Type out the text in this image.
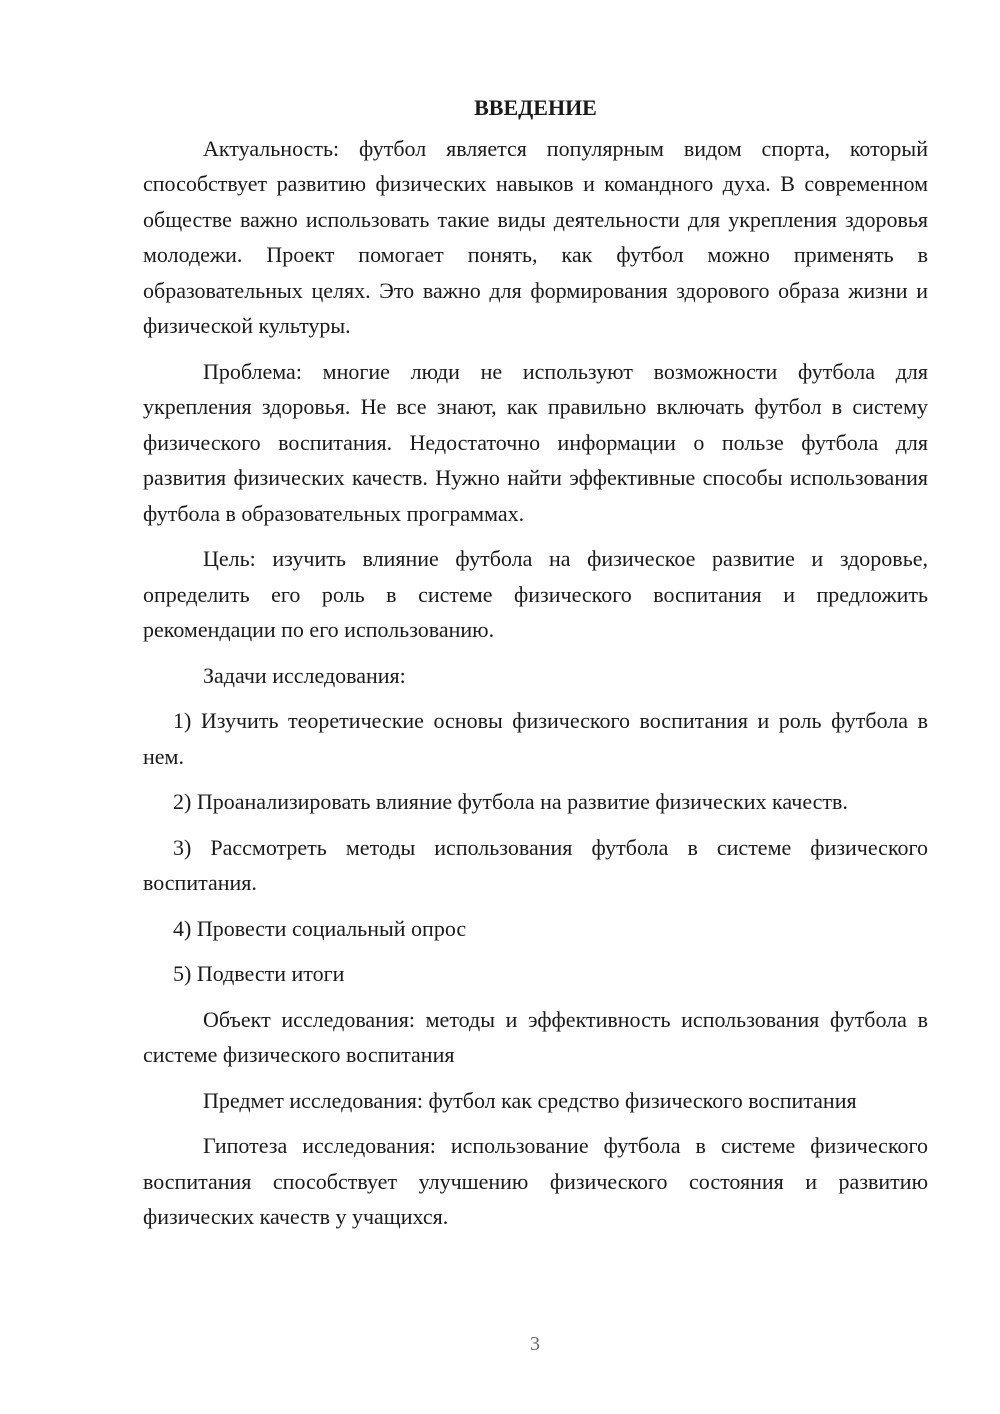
ВВЕДЕНИЕ

Актуальность: футбол является популярным видом спорта, который способствует развитию физических навыков и командного духа. В современном обществе важно использовать такие виды деятельности для укрепления здоровья молодежи. Проект помогает понять, как футбол можно применять в образовательных целях. Это важно для формирования здорового образа жизни и физической культуры.

Проблема: многие люди не используют возможности футбола для укрепления здоровья. Не все знают, как правильно включать футбол в систему физического воспитания. Недостаточно информации о пользе футбола для развития физических качеств. Нужно найти эффективные способы использования футбола в образовательных программах.

Цель: изучить влияние футбола на физическое развитие и здоровье, определить его роль в системе физического воспитания и предложить рекомендации по его использованию.

Задачи исследования:

1) Изучить теоретические основы физического воспитания и роль футбола в нем.

2) Проанализировать влияние футбола на развитие физических качеств.

3) Рассмотреть методы использования футбола в системе физического воспитания.

4) Провести социальный опрос

5) Подвести итоги

Объект исследования: методы и эффективность использования футбола в системе физического воспитания

Предмет исследования: футбол как средство физического воспитания

Гипотеза исследования: использование футбола в системе физического воспитания способствует улучшению физического состояния и развитию физических качеств у учащихся.

3
